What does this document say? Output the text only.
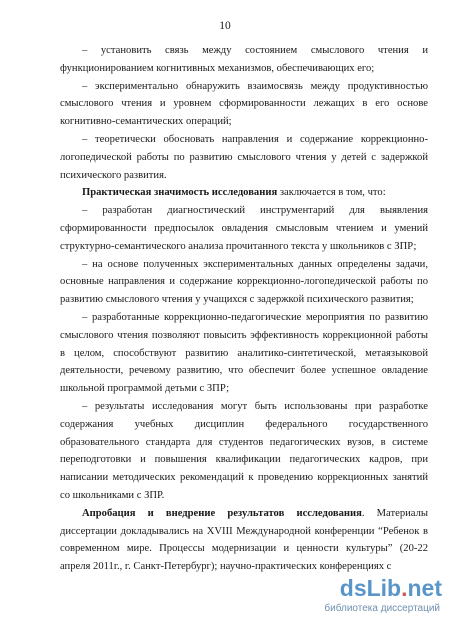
10

– установить связь между состоянием смыслового чтения и функционированием когнитивных механизмов, обеспечивающих его;

– экспериментально обнаружить взаимосвязь между продуктивностью смыслового чтения и уровнем сформированности лежащих в его основе когнитивно-семантических операций;

– теоретически обосновать направления и содержание коррекционно-логопедической работы по развитию смыслового чтения у детей с задержкой психического развития.

Практическая значимость исследования заключается в том, что:

– разработан диагностический инструментарий для выявления сформированности предпосылок овладения смысловым чтением и умений структурно-семантического анализа прочитанного текста у школьников с ЗПР;

– на основе полученных экспериментальных данных определены задачи, основные направления и содержание коррекционно-логопедической работы по развитию смыслового чтения у учащихся с задержкой психического развития;

– разработанные коррекционно-педагогические мероприятия по развитию смыслового чтения позволяют повысить эффективность коррекционной работы в целом, способствуют развитию аналитико-синтетической, метаязыковой деятельности, речевому развитию, что обеспечит более успешное овладение школьной программой детьми с ЗПР;

– результаты исследования могут быть использованы при разработке содержания учебных дисциплин федерального государственного образовательного стандарта для студентов педагогических вузов, в системе переподготовки и повышения квалификации педагогических кадров, при написании методических рекомендаций к проведению коррекционных занятий со школьниками с ЗПР.

Апробация и внедрение результатов исследования. Материалы диссертации докладывались на XVIII Международной конференции “Ребенок в современном мире. Процессы модернизации и ценности культуры” (20-22 апреля 2011г., г. Санкт-Петербург); научно-практических конференциях с

dsLib.net
библиотека диссертаций
